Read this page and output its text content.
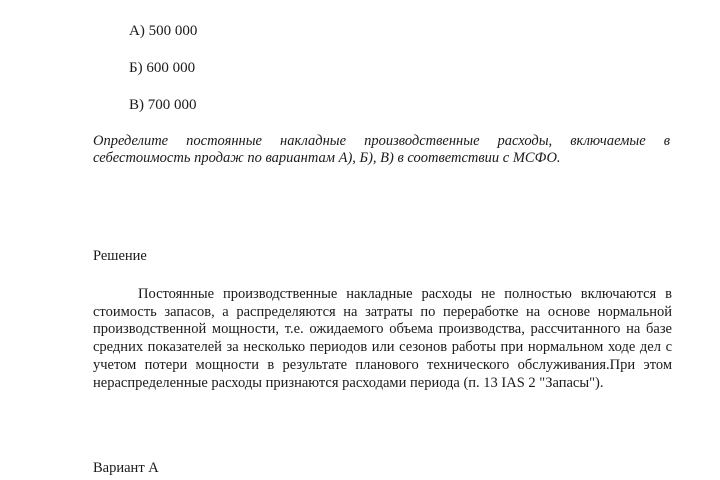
А) 500 000
Б) 600 000
В) 700 000
Определите постоянные накладные производственные расходы, включаемые в себестоимость продаж по вариантам А), Б), В) в соответствии с МСФО.
Решение
Постоянные производственные накладные расходы не полностью включаются в стоимость запасов, а распределяются на затраты по переработке на основе нормальной производственной мощности, т.е. ожидаемого объема производства, рассчитанного на базе средних показателей за несколько периодов или сезонов работы при нормальном ходе дел с учетом потери мощности в результате планового технического обслуживания.При этом нераспределенные расходы признаются расходами периода (п. 13 IAS 2 "Запасы").
Вариант А
